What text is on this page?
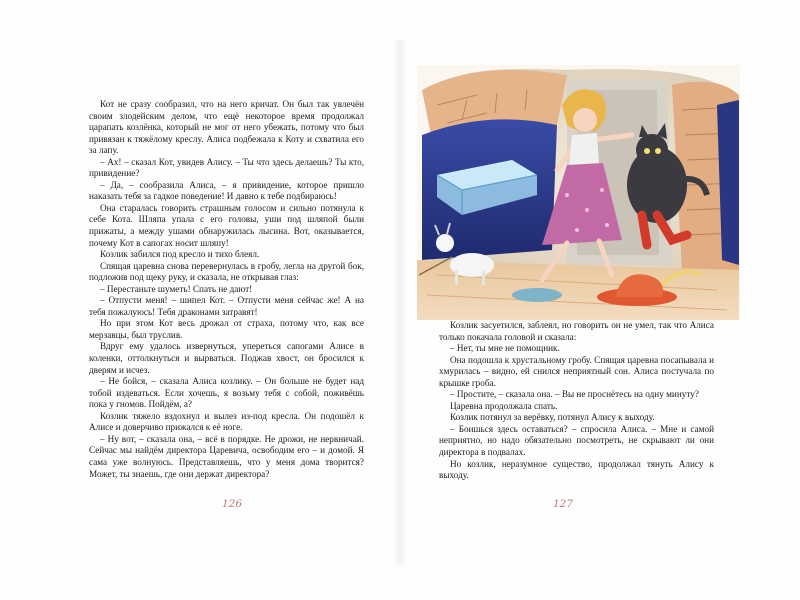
Кот не сразу сообразил, что на него кричат. Он был так увлечён своим злодейским делом, что ещё некоторое время продолжал царапать козлёнка, который не мог от него убежать, потому что был привязан к тяжёлому креслу. Алиса подбежала к Коту и схватила его за лапу.

– Ах! – сказал Кот, увидев Алису. – Ты что здесь делаешь? Ты кто, привидение?

– Да, – сообразила Алиса, – я привидение, которое пришло наказать тебя за гадкое поведение! И давно к тебе подбираюсь!

Она старалась говорить страшным голосом и сильно потянула к себе Кота. Шляпа упала с его головы, уши под шляпой были прижаты, а между ушами обнаружилась лысина. Вот, оказывается, почему Кот в сапогах носит шляпу!

Козлик забился под кресло и тихо блеял.

Спящая царевна снова перевернулась в гробу, легла на другой бок, подложив под щеку руку, и сказала, не открывая глаз:

– Перестаньте шуметь! Спать не дают!

– Отпусти меня! – шипел Кот. – Отпусти меня сейчас же! А на тебя пожалуюсь! Тебя драконами затравят!

Но при этом Кот весь дрожал от страха, потому что, как все мерзавцы, был труслив.

Вдруг ему удалось извернуться, упереться сапогами Алисе в коленки, оттолкнуться и вырваться. Поджав хвост, он бросился к дверям и исчез.

– Не бойся, – сказала Алиса козлику. – Он больше не будет над тобой издеваться. Если хочешь, я возьму тебя с собой, поживёшь пока у гномов. Пойдём, а?

Козлик тяжело вздохнул и вылез из-под кресла. Он подошёл к Алисе и доверчиво прижался к её ноге.

– Ну вот, – сказала она, – всё в порядке. Не дрожи, не нервничай. Сейчас мы найдём директора Царевича, освободим его – и домой. Я сама уже волнуюсь. Представляешь, что у меня дома творится? Может, ты знаешь, где они держат директора?

126

Козлик засуетился, заблеял, но говорить он не умел, так что Алиса только покачала головой и сказала:

– Нет, ты мне не помощник.

Она подошла к хрустальному гробу. Спящая царевна посапывала и хмурилась – видно, ей снился неприятный сон. Алиса постучала по крышке гроба.

– Простите, – сказала она. – Вы не проснётесь на одну минуту?

Царевна продолжала спать.

Козлик потянул за верёвку, потянул Алису к выходу.

– Боишься здесь оставаться? – спросила Алиса. – Мне и самой неприятно, но надо обязательно посмотреть, не скрывают ли они директора в подвалах.

Но козлик, неразумное существо, продолжал тянуть Алису к выходу.

127
